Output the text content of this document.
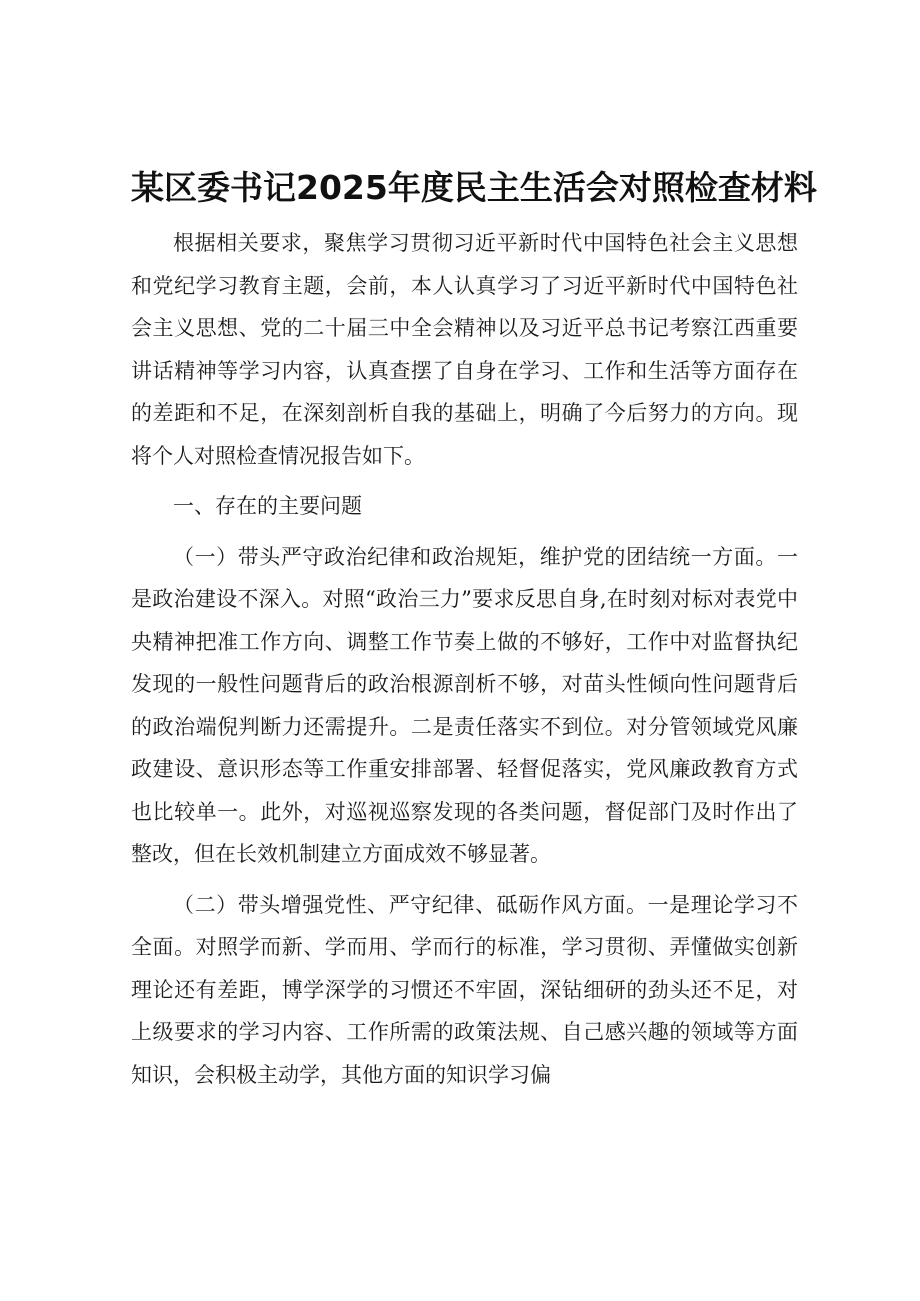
某区委书记2025年度民主生活会对照检查材料

根据相关要求，聚焦学习贯彻习近平新时代中国特色社会主义思想和党纪学习教育主题，会前，本人认真学习了习近平新时代中国特色社会主义思想、党的二十届三中全会精神以及习近平总书记考察江西重要讲话精神等学习内容，认真查摆了自身在学习、工作和生活等方面存在的差距和不足，在深刻剖析自我的基础上，明确了今后努力的方向。现将个人对照检查情况报告如下。

一、存在的主要问题

（一）带头严守政治纪律和政治规矩，维护党的团结统一方面。一是政治建设不深入。对照“政治三力”要求反思自身,在时刻对标对表党中央精神把准工作方向、调整工作节奏上做的不够好，工作中对监督执纪发现的一般性问题背后的政治根源剖析不够，对苗头性倾向性问题背后的政治端倪判断力还需提升。二是责任落实不到位。对分管领域党风廉政建设、意识形态等工作重安排部署、轻督促落实，党风廉政教育方式也比较单一。此外，对巡视巡察发现的各类问题，督促部门及时作出了整改，但在长效机制建立方面成效不够显著。

（二）带头增强党性、严守纪律、砥砺作风方面。一是理论学习不全面。对照学而新、学而用、学而行的标准，学习贯彻、弄懂做实创新理论还有差距，博学深学的习惯还不牢固，深钻细研的劲头还不足，对上级要求的学习内容、工作所需的政策法规、自己感兴趣的领域等方面知识，会积极主动学，其他方面的知识学习偏
